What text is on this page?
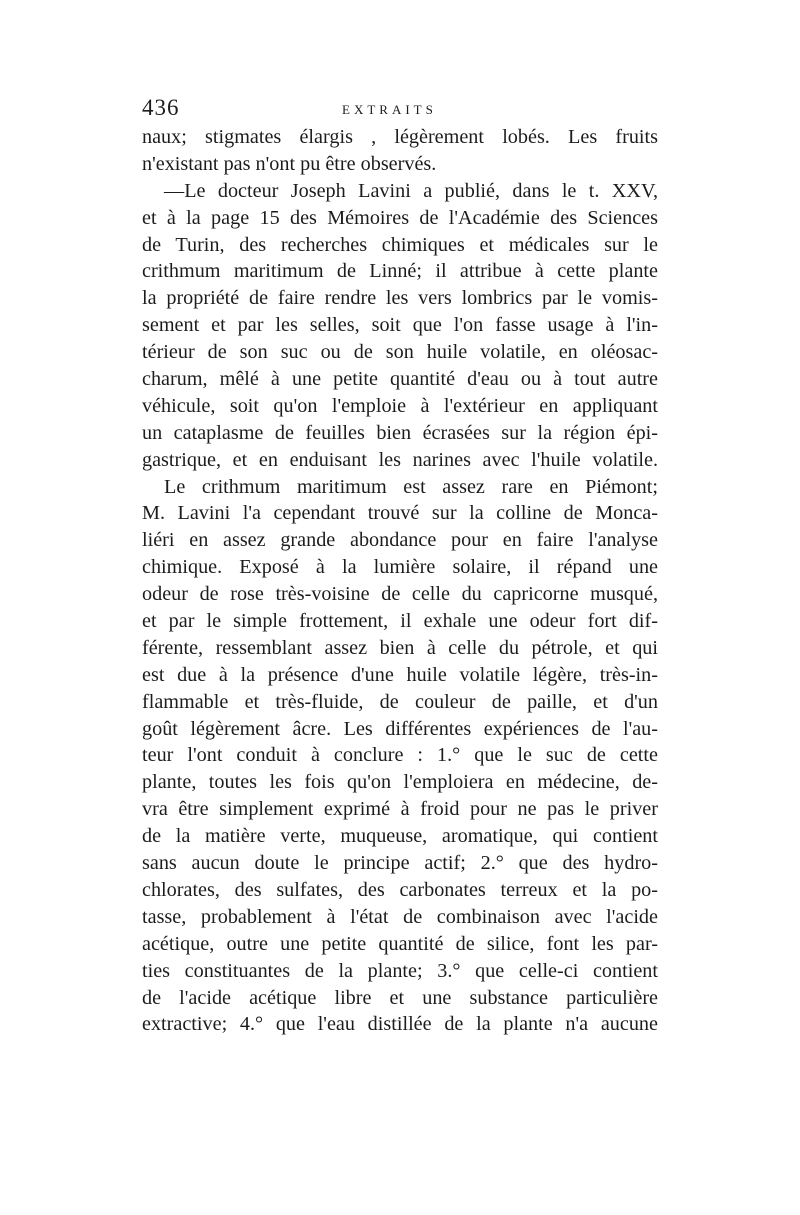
436	EXTRAITS
naux; stigmates élargis , légèrement lobés. Les fruits
n'existant pas n'ont pu être observés.
—Le docteur Joseph Lavini a publié, dans le t. XXV,
et à la page 15 des Mémoires de l'Académie des Sciences
de Turin, des recherches chimiques et médicales sur le
crithmum maritimum de Linné; il attribue à cette plante
la propriété de faire rendre les vers lombrics par le vomis-
sement et par les selles, soit que l'on fasse usage à l'in-
térieur de son suc ou de son huile volatile, en oléosac-
charum, mêlé à une petite quantité d'eau ou à tout autre
véhicule, soit qu'on l'emploie à l'extérieur en appliquant
un cataplasme de feuilles bien écrasées sur la région épi-
gastrique, et en enduisant les narines avec l'huile volatile.
Le crithmum maritimum est assez rare en Piémont;
M. Lavini l'a cependant trouvé sur la colline de Monca-
liéri en assez grande abondance pour en faire l'analyse
chimique. Exposé à la lumière solaire, il répand une
odeur de rose très-voisine de celle du capricorne musqué,
et par le simple frottement, il exhale une odeur fort dif-
férente, ressemblant assez bien à celle du pétrole, et qui
est due à la présence d'une huile volatile légère, très-in-
flammable et très-fluide, de couleur de paille, et d'un
goût légèrement âcre. Les différentes expériences de l'au-
teur l'ont conduit à conclure : 1.° que le suc de cette
plante, toutes les fois qu'on l'emploiera en médecine, de-
vra être simplement exprimé à froid pour ne pas le priver
de la matière verte, muqueuse, aromatique, qui contient
sans aucun doute le principe actif; 2.° que des hydro-
chlorates, des sulfates, des carbonates terreux et la po-
tasse, probablement à l'état de combinaison avec l'acide
acétique, outre une petite quantité de silice, font les par-
ties constituantes de la plante; 3.° que celle-ci contient
de l'acide acétique libre et une substance particulière
extractive; 4.° que l'eau distillée de la plante n'a aucune
